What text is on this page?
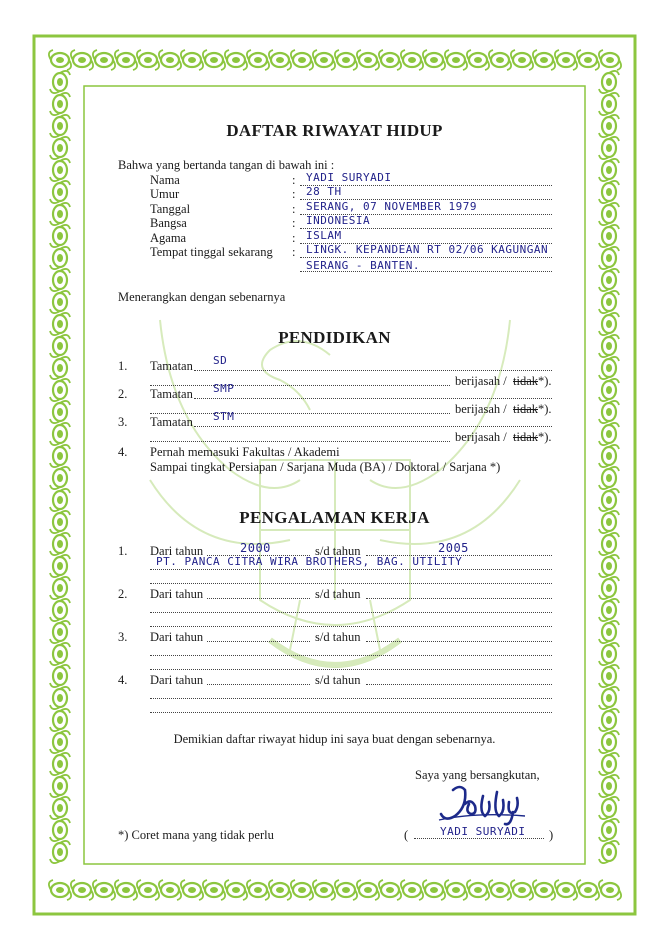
DAFTAR RIWAYAT HIDUP
Bahwa yang bertanda tangan di bawah ini :
Menerangkan dengan sebenarnya
PENDIDIKAN
4. Pernah memasuki Fakultas / Akademi
Sampai tingkat Persiapan / Sarjana Muda (BA) / Doktoral / Sarjana *)
PENGALAMAN KERJA
Demikian daftar riwayat hidup ini saya buat dengan sebenarnya.
Saya yang bersangkutan,
*) Coret mana yang tidak perlu	(	YADI SURYADI )
Nama	: YADI SURYADI
Umur	: 28 TH
Tanggal	: SERANG, 07 NOVEMBER 1979
Bangsa	: INDONESIA
Agama	: ISLAM
Tempat tinggal sekarang : LINGK. KEPANDEAN RT 02/06 KAGUNGAN
SERANG - BANTEN.
1. Tamatan SD
berijasah / tidak *).
2. Tamatan SMP
berijasah / tidak *).
3. Tamatan STM
berijasah / tidak *).
1. Dari tahun	s/d tahun
2000	2005
PT. PANCA CITRA WIRA BROTHERS, BAG. UTILITY
2. Dari tahun	s/d tahun
3. Dari tahun	s/d tahun
4. Dari tahun	s/d tahun
